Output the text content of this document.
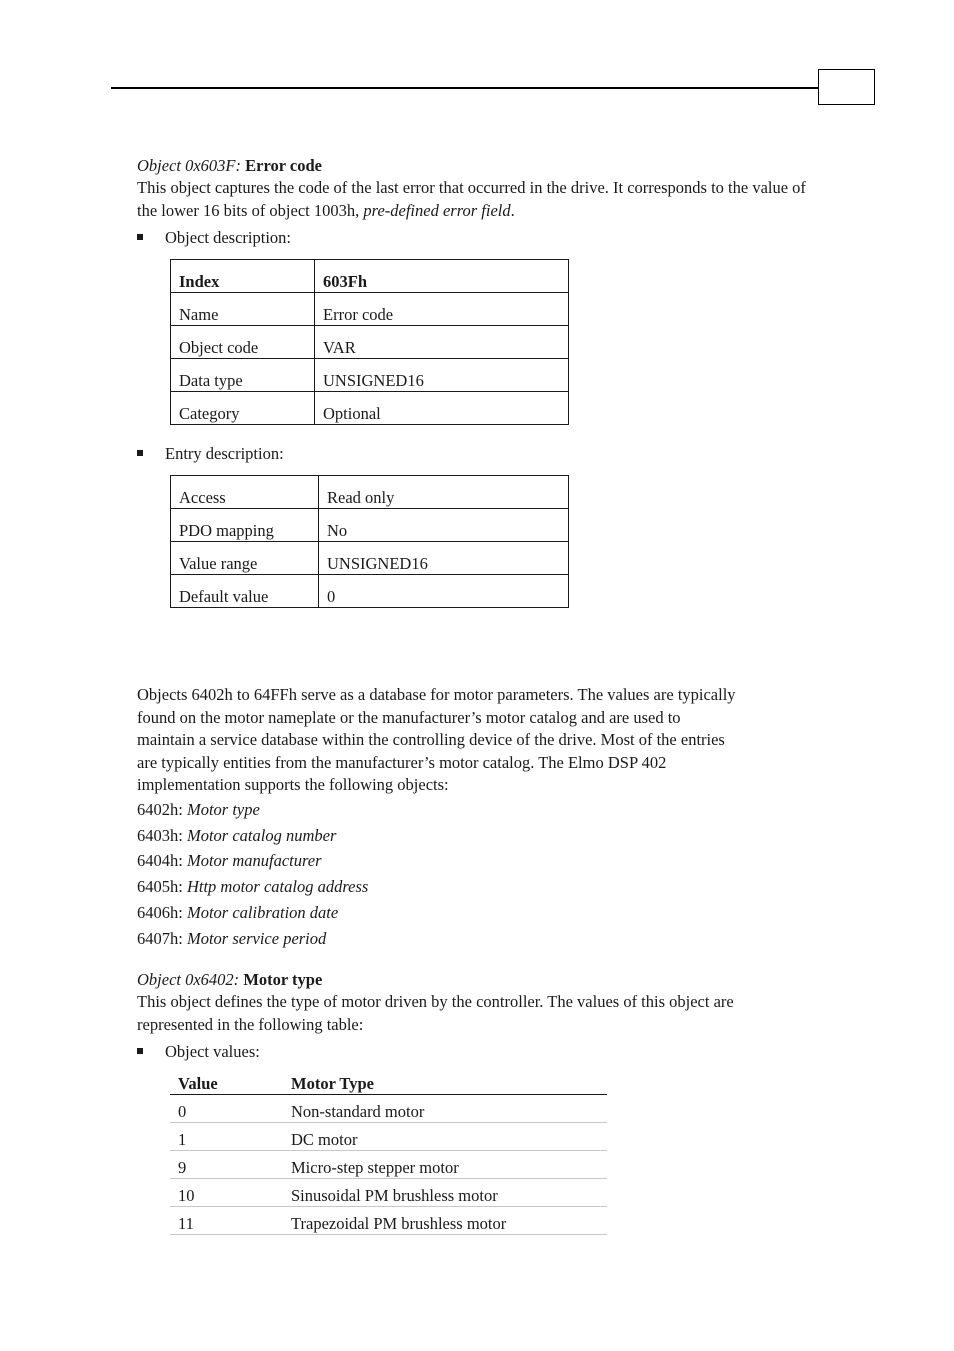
Object 0x603F: Error code
This object captures the code of the last error that occurred in the drive. It corresponds to the value of the lower 16 bits of object 1003h, pre-defined error field.
Object description:
Index	603Fh
Name	Error code
Object code	VAR
Data type	UNSIGNED16
Category	Optional
Entry description:
Access	Read only
PDO mapping	No
Value range	UNSIGNED16
Default value	0
Objects 6402h to 64FFh serve as a database for motor parameters. The values are typically
found on the motor nameplate or the manufacturer’s motor catalog and are used to
maintain a service database within the controlling device of the drive. Most of the entries
are typically entities from the manufacturer’s motor catalog. The Elmo DSP 402
implementation supports the following objects:
6402h: Motor type
6403h: Motor catalog number
6404h: Motor manufacturer
6405h: Http motor catalog address
6406h: Motor calibration date
6407h: Motor service period
Object 0x6402: Motor type
This object defines the type of motor driven by the controller. The values of this object are
represented in the following table:
Object values:
Value	Motor Type
0	Non-standard motor
1	DC motor
9	Micro-step stepper motor
10	Sinusoidal PM brushless motor
11	Trapezoidal PM brushless motor
